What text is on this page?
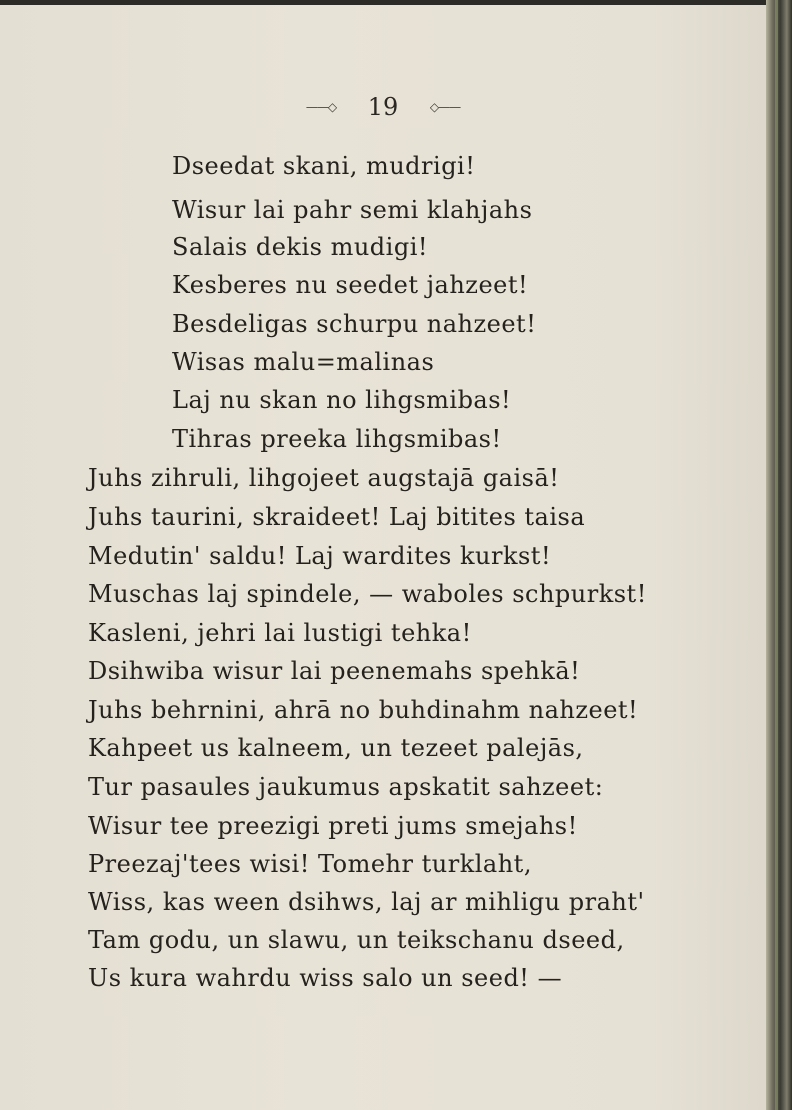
——◇ 19	◇——
Dseedat skani, mudrigi!
Wisur lai pahr semi klahjahs
Salais dekis mudigi!
Kesberes nu seedet jahzeet!
Besdeligas schurpu nahzeet!
Wisas malu=malinas
Laj nu skan no lihgsmibas!
Tihras preeka lihgsmibas!
Juhs zihruli, lihgojeet augstajā gaisā!
Juhs taurini, skraideet! Laj bitites taisa
Medutin' saldu! Laj wardites kurkst!
Muschas laj spindele, — waboles schpurkst!
Kasleni, jehri lai lustigi tehka!
Dsihwiba wisur lai peenemahs spehkā!
Juhs behrnini, ahrā no buhdinahm nahzeet!
Kahpeet us kalneem, un tezeet palejās,
Tur pasaules jaukumus apskatit sahzeet:
Wisur tee preezigi preti jums smejahs!
Preezaj'tees wisi! Tomehr turklaht,
Wiss, kas ween dsihws, laj ar mihligu praht'
Tam godu, un slawu, un teikschanu dseed,
Us kura wahrdu wiss salo un seed! —
